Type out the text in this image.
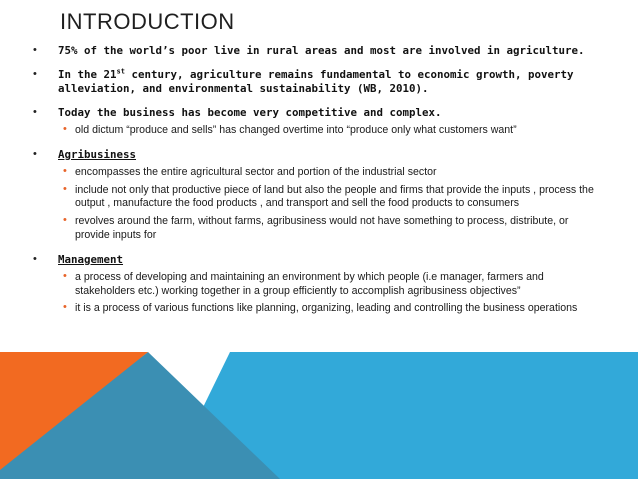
INTRODUCTION
• 75% of the world’s poor live in rural areas and most are involved in agriculture.
• In the 21st century, agriculture remains fundamental to economic growth, poverty alleviation, and environmental sustainability (WB, 2010).
• Today the business has become very competitive and complex.
• old dictum “produce and sells” has changed overtime into “produce only what customers want”
• Agribusiness
• encompasses the entire agricultural sector and portion of the industrial sector
• include not only that productive piece of land but also the people and firms that provide the inputs , process the output , manufacture the food products , and transport and sell the food products to consumers
• revolves around the farm, without farms, agribusiness would not have something to process, distribute, or provide inputs for
• Management
• a process of developing and maintaining an environment by which people (i.e manager, farmers and stakeholders etc.) working together in a group efficiently to accomplish agribusiness objectives”
• it is a process of various functions like planning, organizing, leading and controlling the business operations
